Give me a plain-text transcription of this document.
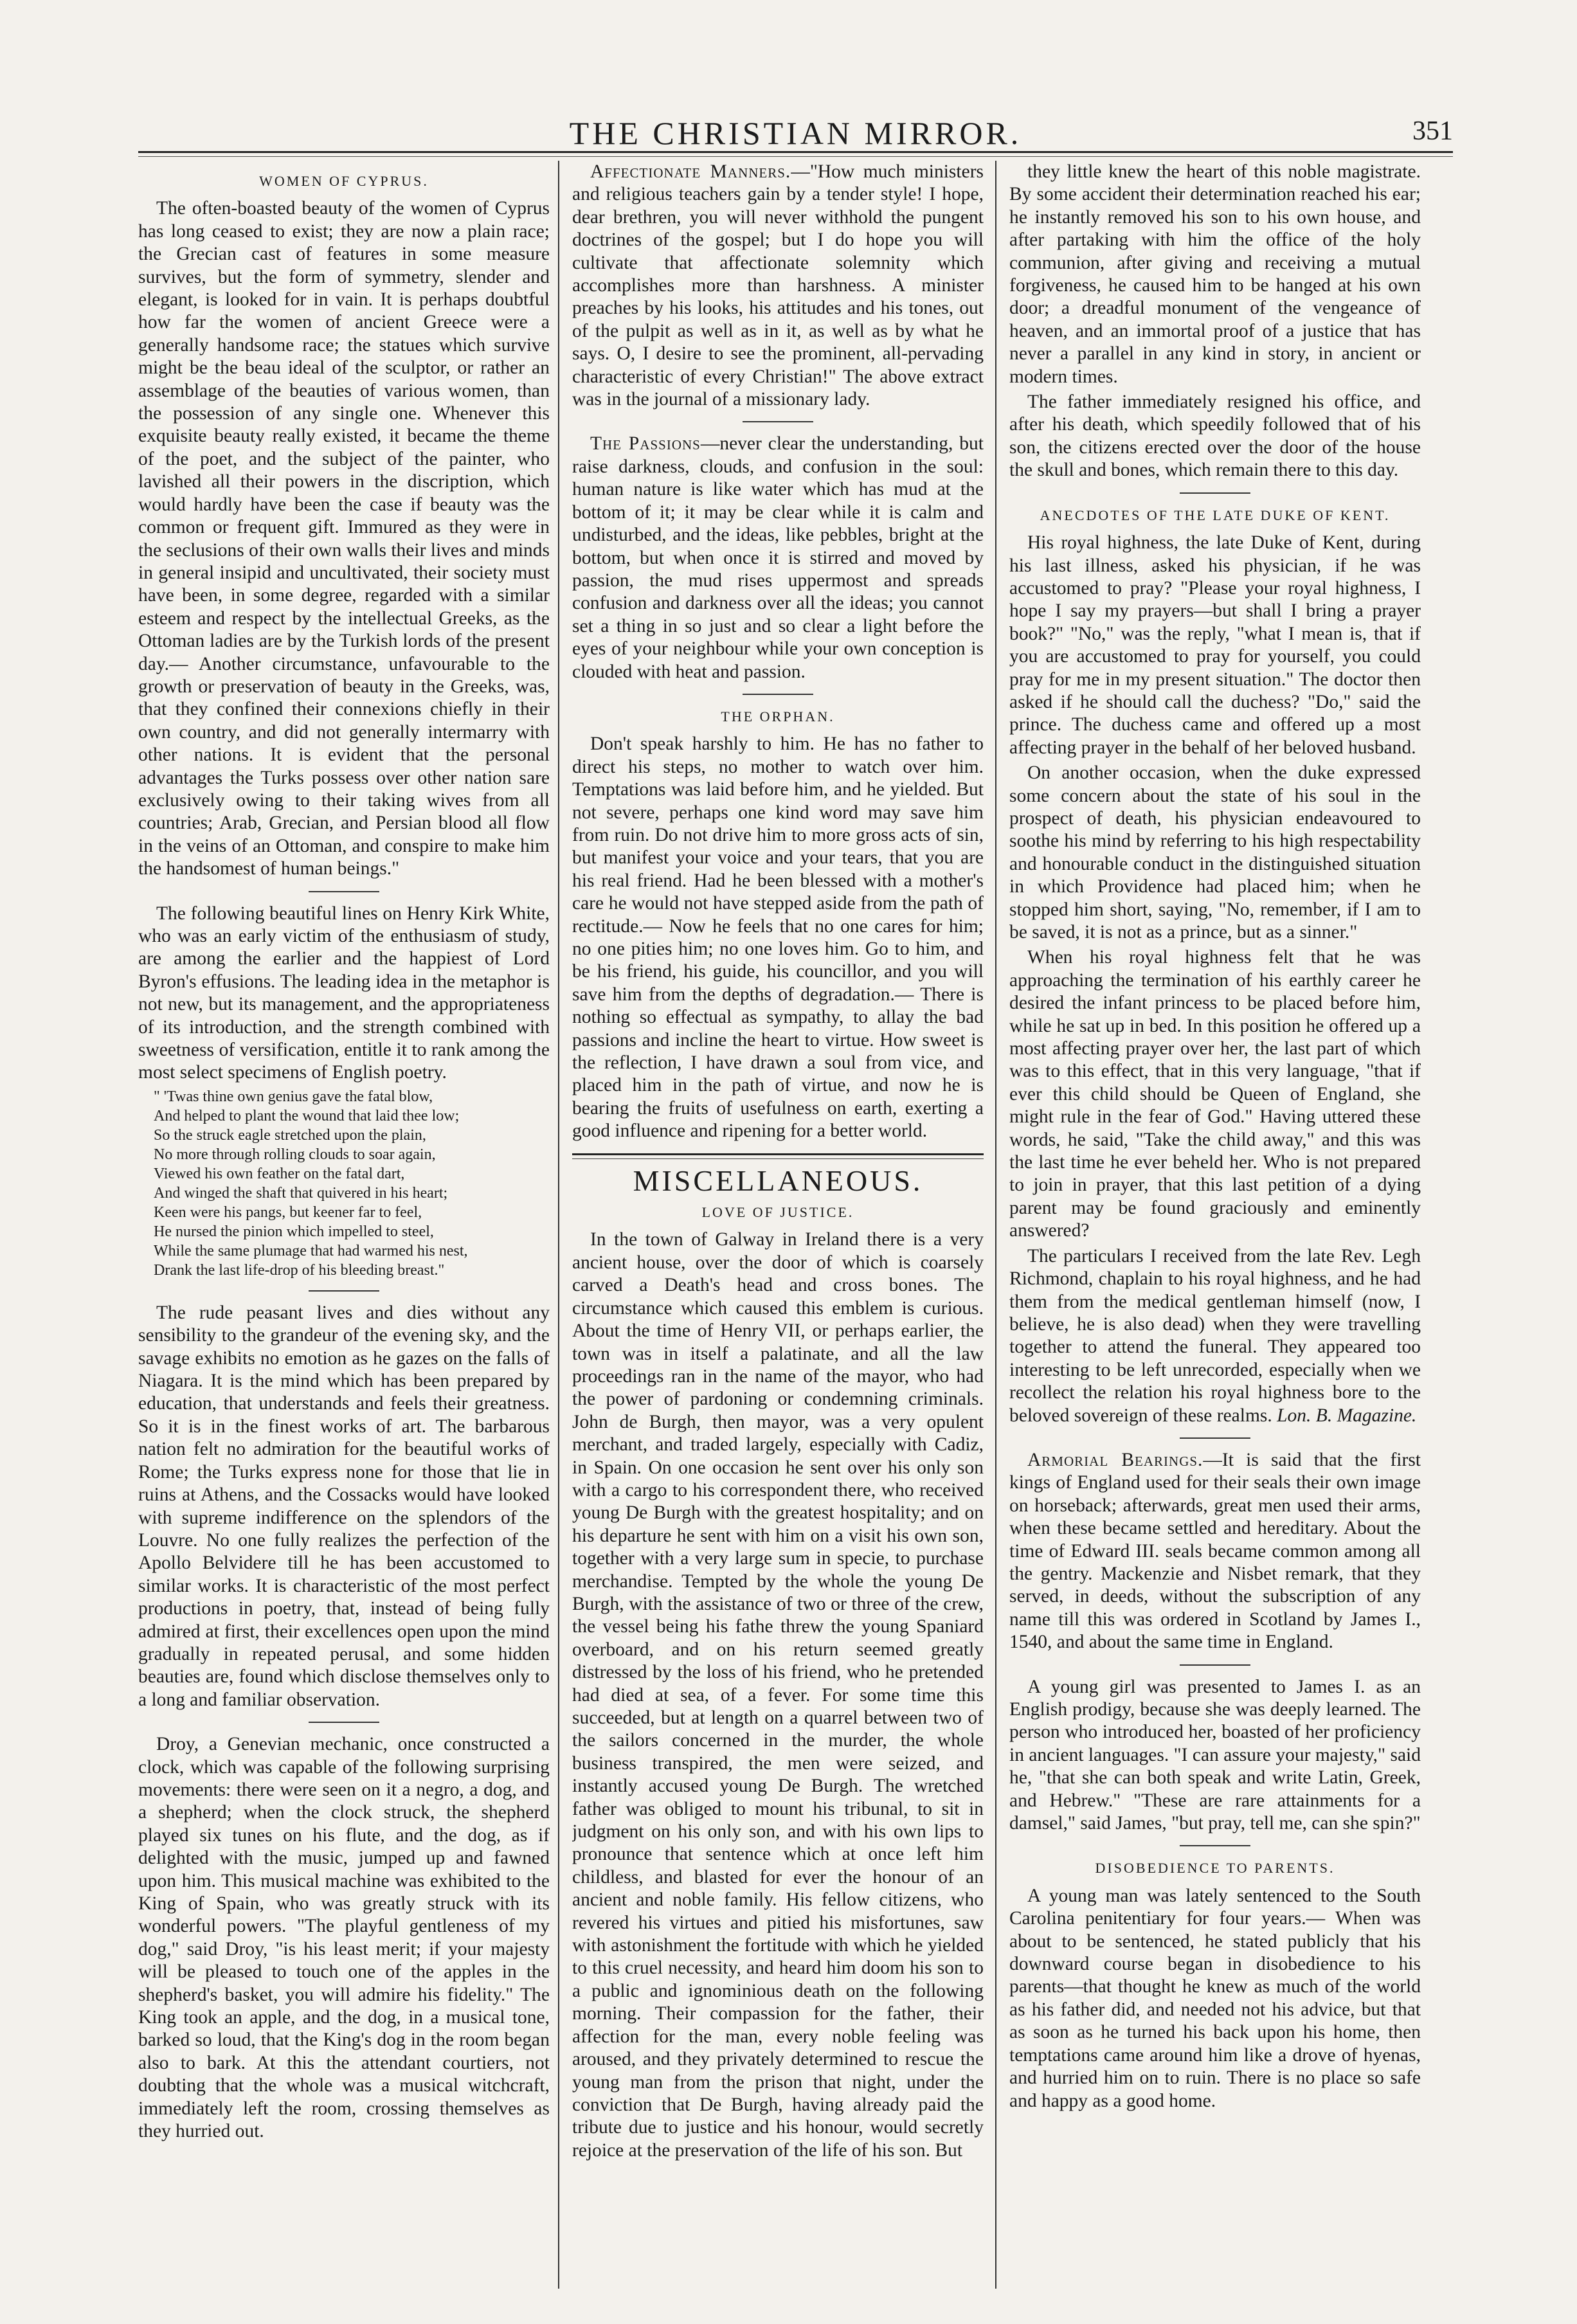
THE CHRISTIAN MIRROR.	351
WOMEN OF CYPRUS.

The often-boasted beauty of the women of Cyprus has long ceased to exist; they are now a plain race; the Grecian cast of features in some measure survives, but the form of symmetry, slender and elegant, is looked for in vain. It is perhaps doubtful how far the women of ancient Greece were a generally handsome race; the statues which survive might be the beau ideal of the sculptor, or rather an assemblage of the beauties of various women, than the possession of any single one. Whenever this exquisite beauty really existed, it became the theme of the poet, and the subject of the painter, who lavished all their powers in the discription, which would hardly have been the case if beauty was the common or frequent gift. Immured as they were in the seclusions of their own walls their lives and minds in general insipid and uncultivated, their society must have been, in some degree, regarded with a similar esteem and respect by the intellectual Greeks, as the Ottoman ladies are by the Turkish lords of the present day.— Another circumstance, unfavourable to the growth or preservation of beauty in the Greeks, was, that they confined their connexions chiefly in their own country, and did not generally intermarry with other nations. It is evident that the personal advantages the Turks possess over other nation sare exclusively owing to their taking wives from all countries; Arab, Grecian, and Persian blood all flow in the veins of an Ottoman, and conspire to make him the handsomest of human beings."

The following beautiful lines on Henry Kirk White, who was an early victim of the enthusiasm of study, are among the earlier and the happiest of Lord Byron's effusions. The leading idea in the metaphor is not new, but its management, and the appropriateness of its introduction, and the strength combined with sweetness of versification, entitle it to rank among the most select specimens of English poetry.

" 'Twas thine own genius gave the fatal blow,

And helped to plant the wound that laid thee low;

So the struck eagle stretched upon the plain,

No more through rolling clouds to soar again,

Viewed his own feather on the fatal dart,

And winged the shaft that quivered in his heart;

Keen were his pangs, but keener far to feel,

He nursed the pinion which impelled to steel,

While the same plumage that had warmed his nest,

Drank the last life-drop of his bleeding breast."

The rude peasant lives and dies without any sensibility to the grandeur of the evening sky, and the savage exhibits no emotion as he gazes on the falls of Niagara. It is the mind which has been prepared by education, that understands and feels their greatness. So it is in the finest works of art. The barbarous nation felt no admiration for the beautiful works of Rome; the Turks express none for those that lie in ruins at Athens, and the Cossacks would have looked with supreme indifference on the splendors of the Louvre. No one fully realizes the perfection of the Apollo Belvidere till he has been accustomed to similar works. It is characteristic of the most perfect productions in poetry, that, instead of being fully admired at first, their excellences open upon the mind gradually in repeated perusal, and some hidden beauties are, found which disclose themselves only to a long and familiar observation.

Droy, a Genevian mechanic, once constructed a clock, which was capable of the following surprising movements: there were seen on it a negro, a dog, and a shepherd; when the clock struck, the shepherd played six tunes on his flute, and the dog, as if delighted with the music, jumped up and fawned upon him. This musical machine was exhibited to the King of Spain, who was greatly struck with its wonderful powers. "The playful gentleness of my dog," said Droy, "is his least merit; if your majesty will be pleased to touch one of the apples in the shepherd's basket, you will admire his fidelity." The King took an apple, and the dog, in a musical tone, barked so loud, that the King's dog in the room began also to bark. At this the attendant courtiers, not doubting that the whole was a musical witchcraft, immediately left the room, crossing themselves as they hurried out.

Affectionate Manners.—"How much ministers and religious teachers gain by a tender style! I hope, dear brethren, you will never withhold the pungent doctrines of the gospel; but I do hope you will cultivate that affectionate solemnity which accomplishes more than harshness. A minister preaches by his looks, his attitudes and his tones, out of the pulpit as well as in it, as well as by what he says. O, I desire to see the prominent, all-pervading characteristic of every Christian!" The above extract was in the journal of a missionary lady.

The Passions—never clear the understanding, but raise darkness, clouds, and confusion in the soul: human nature is like water which has mud at the bottom of it; it may be clear while it is calm and undisturbed, and the ideas, like pebbles, bright at the bottom, but when once it is stirred and moved by passion, the mud rises uppermost and spreads confusion and darkness over all the ideas; you cannot set a thing in so just and so clear a light before the eyes of your neighbour while your own conception is clouded with heat and passion.

THE ORPHAN.

Don't speak harshly to him. He has no father to direct his steps, no mother to watch over him. Temptations was laid before him, and he yielded. But not severe, perhaps one kind word may save him from ruin. Do not drive him to more gross acts of sin, but manifest your voice and your tears, that you are his real friend. Had he been blessed with a mother's care he would not have stepped aside from the path of rectitude.— Now he feels that no one cares for him; no one pities him; no one loves him. Go to him, and be his friend, his guide, his councillor, and you will save him from the depths of degradation.— There is nothing so effectual as sympathy, to allay the bad passions and incline the heart to virtue. How sweet is the reflection, I have drawn a soul from vice, and placed him in the path of virtue, and now he is bearing the fruits of usefulness on earth, exerting a good influence and ripening for a better world.

MISCELLANEOUS.
LOVE OF JUSTICE.

In the town of Galway in Ireland there is a very ancient house, over the door of which is coarsely carved a Death's head and cross bones. The circumstance which caused this emblem is curious. About the time of Henry VII, or perhaps earlier, the town was in itself a palatinate, and all the law proceedings ran in the name of the mayor, who had the power of pardoning or condemning criminals. John de Burgh, then mayor, was a very opulent merchant, and traded largely, especially with Cadiz, in Spain. On one occasion he sent over his only son with a cargo to his correspondent there, who received young De Burgh with the greatest hospitality; and on his departure he sent with him on a visit his own son, together with a very large sum in specie, to purchase merchandise. Tempted by the whole the young De Burgh, with the assistance of two or three of the crew, the vessel being his fathe threw the young Spaniard overboard, and on his return seemed greatly distressed by the loss of his friend, who he pretended had died at sea, of a fever. For some time this succeeded, but at length on a quarrel between two of the sailors concerned in the murder, the whole business transpired, the men were seized, and instantly accused young De Burgh. The wretched father was obliged to mount his tribunal, to sit in judgment on his only son, and with his own lips to pronounce that sentence which at once left him childless, and blasted for ever the honour of an ancient and noble family. His fellow citizens, who revered his virtues and pitied his misfortunes, saw with astonishment the fortitude with which he yielded to this cruel necessity, and heard him doom his son to a public and ignominious death on the following morning. Their compassion for the father, their affection for the man, every noble feeling was aroused, and they privately determined to rescue the young man from the prison that night, under the conviction that De Burgh, having already paid the tribute due to justice and his honour, would secretly rejoice at the preservation of the life of his son. But

they little knew the heart of this noble magistrate. By some accident their determination reached his ear; he instantly removed his son to his own house, and after partaking with him the office of the holy communion, after giving and receiving a mutual forgiveness, he caused him to be hanged at his own door; a dreadful monument of the vengeance of heaven, and an immortal proof of a justice that has never a parallel in any kind in story, in ancient or modern times.

The father immediately resigned his office, and after his death, which speedily followed that of his son, the citizens erected over the door of the house the skull and bones, which remain there to this day.

ANECDOTES OF THE LATE DUKE OF KENT.

His royal highness, the late Duke of Kent, during his last illness, asked his physician, if he was accustomed to pray? "Please your royal highness, I hope I say my prayers—but shall I bring a prayer book?" "No," was the reply, "what I mean is, that if you are accustomed to pray for yourself, you could pray for me in my present situation." The doctor then asked if he should call the duchess? "Do," said the prince. The duchess came and offered up a most affecting prayer in the behalf of her beloved husband.

On another occasion, when the duke expressed some concern about the state of his soul in the prospect of death, his physician endeavoured to soothe his mind by referring to his high respectability and honourable conduct in the distinguished situation in which Providence had placed him; when he stopped him short, saying, "No, remember, if I am to be saved, it is not as a prince, but as a sinner."

When his royal highness felt that he was approaching the termination of his earthly career he desired the infant princess to be placed before him, while he sat up in bed. In this position he offered up a most affecting prayer over her, the last part of which was to this effect, that in this very language, "that if ever this child should be Queen of England, she might rule in the fear of God." Having uttered these words, he said, "Take the child away," and this was the last time he ever beheld her. Who is not prepared to join in prayer, that this last petition of a dying parent may be found graciously and eminently answered?

The particulars I received from the late Rev. Legh Richmond, chaplain to his royal highness, and he had them from the medical gentleman himself (now, I believe, he is also dead) when they were travelling together to attend the funeral. They appeared too interesting to be left unrecorded, especially when we recollect the relation his royal highness bore to the beloved sovereign of these realms. Lon. B. Magazine.

Armorial Bearings.—It is said that the first kings of England used for their seals their own image on horseback; afterwards, great men used their arms, when these became settled and hereditary. About the time of Edward III. seals became common among all the gentry. Mackenzie and Nisbet remark, that they served, in deeds, without the subscription of any name till this was ordered in Scotland by James I., 1540, and about the same time in England.

A young girl was presented to James I. as an English prodigy, because she was deeply learned. The person who introduced her, boasted of her proficiency in ancient languages. "I can assure your majesty," said he, "that she can both speak and write Latin, Greek, and Hebrew." "These are rare attainments for a damsel," said James, "but pray, tell me, can she spin?"

DISOBEDIENCE TO PARENTS.

A young man was lately sentenced to the South Carolina penitentiary for four years.— When was about to be sentenced, he stated publicly that his downward course began in disobedience to his parents—that thought he knew as much of the world as his father did, and needed not his advice, but that as soon as he turned his back upon his home, then temptations came around him like a drove of hyenas, and hurried him on to ruin. There is no place so safe and happy as a good home.
